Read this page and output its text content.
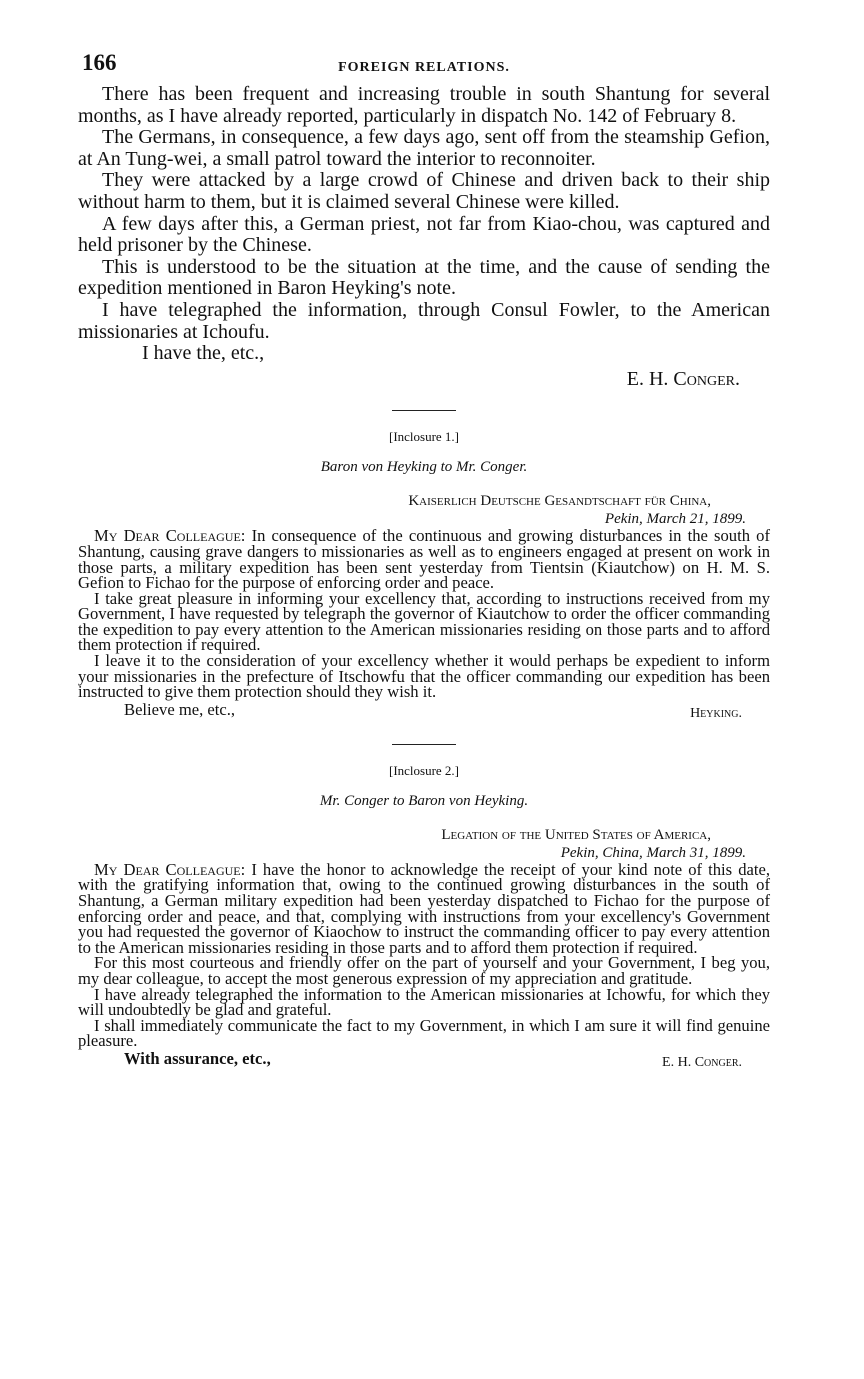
166	FOREIGN RELATIONS.

There has been frequent and increasing trouble in south Shantung for several months, as I have already reported, particularly in dispatch No. 142 of February 8.

The Germans, in consequence, a few days ago, sent off from the steamship Gefion, at An Tung-wei, a small patrol toward the interior to reconnoiter.

They were attacked by a large crowd of Chinese and driven back to their ship without harm to them, but it is claimed several Chinese were killed.

A few days after this, a German priest, not far from Kiao-chou, was captured and held prisoner by the Chinese.

This is understood to be the situation at the time, and the cause of sending the expedition mentioned in Baron Heyking's note.

I have telegraphed the information, through Consul Fowler, to the American missionaries at Ichoufu.

I have the, etc.,

E. H. Conger.
[Inclosure 1.]
Baron von Heyking to Mr. Conger.
Kaiserlich Deutsche Gesandtschaft für China,
Pekin, March 21, 1899.

My Dear Colleague: In consequence of the continuous and growing disturbances in the south of Shantung, causing grave dangers to missionaries as well as to engineers engaged at present on work in those parts, a military expedition has been sent yesterday from Tientsin (Kiautchow) on H. M. S. Gefion to Fichao for the purpose of enforcing order and peace.

I take great pleasure in informing your excellency that, according to instructions received from my Government, I have requested by telegraph the governor of Kiautchow to order the officer commanding the expedition to pay every attention to the American missionaries residing on those parts and to afford them protection if required.

I leave it to the consideration of your excellency whether it would perhaps be expedient to inform your missionaries in the prefecture of Itschowfu that the officer commanding our expedition has been instructed to give them protection should they wish it.

Believe me, etc.,	Heyking.
[Inclosure 2.]
Mr. Conger to Baron von Heyking.
Legation of the United States of America,
Pekin, China, March 31, 1899.

My Dear Colleague: I have the honor to acknowledge the receipt of your kind note of this date, with the gratifying information that, owing to the continued growing disturbances in the south of Shantung, a German military expedition had been yesterday dispatched to Fichao for the purpose of enforcing order and peace, and that, complying with instructions from your excellency's Government you had requested the governor of Kiaochow to instruct the commanding officer to pay every attention to the American missionaries residing in those parts and to afford them protection if required.

For this most courteous and friendly offer on the part of yourself and your Government, I beg you, my dear colleague, to accept the most generous expression of my appreciation and gratitude.

I have already telegraphed the information to the American missionaries at Ichowfu, for which they will undoubtedly be glad and grateful.

I shall immediately communicate the fact to my Government, in which I am sure it will find genuine pleasure.

With assurance, etc.,	E. H. Conger.
